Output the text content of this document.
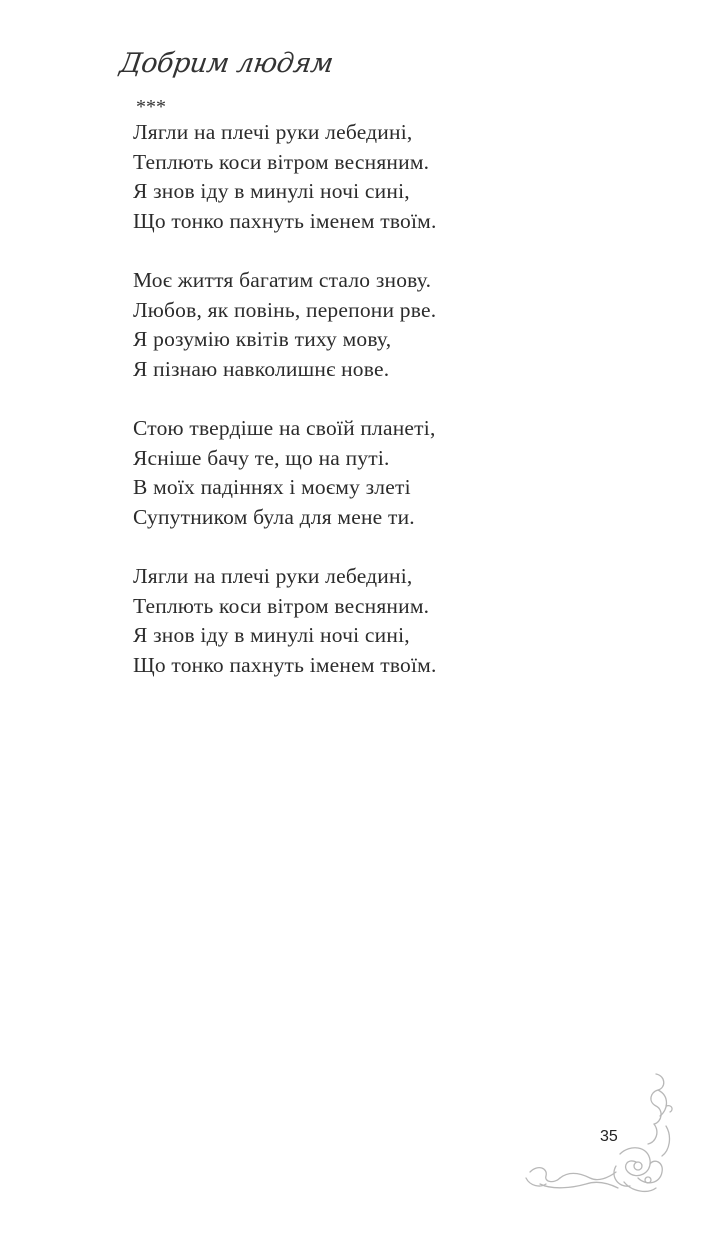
Добрим людям
***
Лягли на плечі руки лебедині,
Теплють коси вітром весняним.
Я знов іду в минулі ночі сині,
Що тонко пахнуть іменем твоїм.
Моє життя багатим стало знову.
Любов, як повінь, перепони рве.
Я розумію квітів тиху мову,
Я пізнаю навколишнє нове.
Стою твердіше на своїй планеті,
Ясніше бачу те, що на путі.
В моїх падіннях і моєму злеті
Супутником була для мене ти.
Лягли на плечі руки лебедині,
Теплють коси вітром весняним.
Я знов іду в минулі ночі сині,
Що тонко пахнуть іменем твоїм.
35
